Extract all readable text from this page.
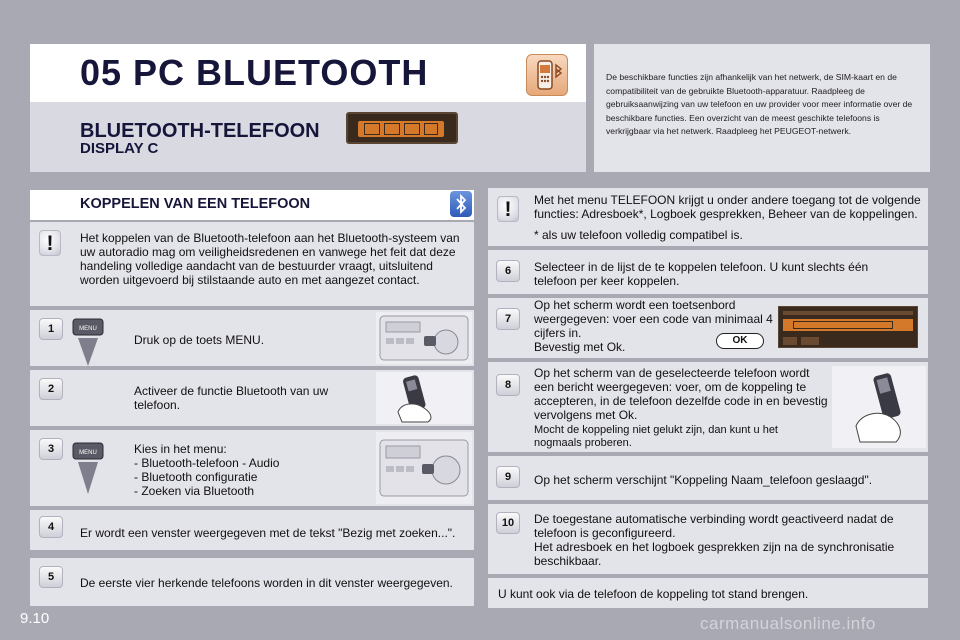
05 PC BLUETOOTH
BLUETOOTH-TELEFOON
DISPLAY C
De beschikbare functies zijn afhankelijk van het netwerk, de SIM-kaart en de compatibiliteit van de gebruikte Bluetooth-apparatuur. Raadpleeg de gebruiksaanwijzing van uw telefoon en uw provider voor meer informatie over de beschikbare functies. Een overzicht van de meest geschikte telefoons is verkrijgbaar via het netwerk. Raadpleeg het PEUGEOT-netwerk.
KOPPELEN VAN EEN TELEFOON
!	Het koppelen van de Bluetooth-telefoon aan het Bluetooth-systeem van uw autoradio mag om veiligheidsredenen en vanwege het feit dat deze handeling volledige aandacht van de bestuurder vraagt, uitsluitend worden uitgevoerd bij stilstaande auto en met aangezet contact.
1	MENU
Druk op de toets MENU.
2	Activeer de functie Bluetooth van uw telefoon.
3	MENU	Kies in het menu:
- Bluetooth-telefoon - Audio
- Bluetooth configuratie
- Zoeken via Bluetooth
4	Er wordt een venster weergegeven met de tekst "Bezig met zoeken...".
5	De eerste vier herkende telefoons worden in dit venster weergegeven.
!	Met het menu TELEFOON krijgt u onder andere toegang tot de volgende functies: Adresboek*, Logboek gesprekken, Beheer van de koppelingen.
* als uw telefoon volledig compatibel is.
6	Selecteer in de lijst de te koppelen telefoon. U kunt slechts één telefoon per keer koppelen.
7
Op het scherm wordt een toetsenbord weergegeven: voer een code van minimaal 4 cijfers in.
Bevestig met Ok.	OK
8
Op het scherm van de geselecteerde telefoon wordt een bericht weergegeven: voer, om de koppeling te accepteren, in de telefoon dezelfde code in en bevestig vervolgens met Ok.
Mocht de koppeling niet gelukt zijn, dan kunt u het nogmaals proberen.
9	Op het scherm verschijnt "Koppeling Naam_telefoon geslaagd".
10	De toegestane automatische verbinding wordt geactiveerd nadat de telefoon is geconfigureerd.
Het adresboek en het logboek gesprekken zijn na de synchronisatie beschikbaar.
U kunt ook via de telefoon de koppeling tot stand brengen.
9.10	carmanualsonline.info
